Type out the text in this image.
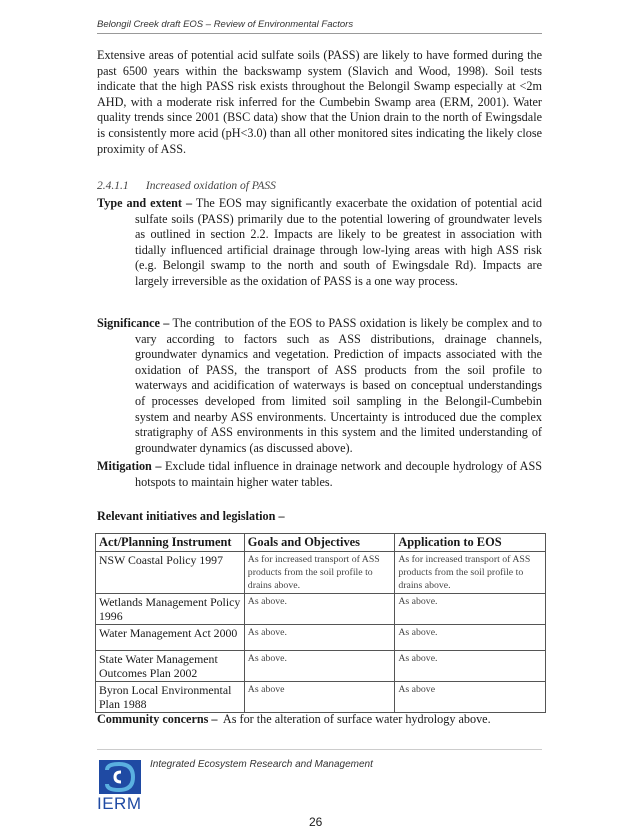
Belongil Creek draft EOS – Review of Environmental Factors
Extensive areas of potential acid sulfate soils (PASS) are likely to have formed during the past 6500 years within the backswamp system (Slavich and Wood, 1998). Soil tests indicate that the high PASS risk exists throughout the Belongil Swamp especially at <2m AHD, with a moderate risk inferred for the Cumbebin Swamp area (ERM, 2001). Water quality trends since 2001 (BSC data) show that the Union drain to the north of Ewingsdale is consistently more acid (pH<3.0) than all other monitored sites indicating the likely close proximity of ASS.
2.4.1.1 Increased oxidation of PASS
Type and extent – The EOS may significantly exacerbate the oxidation of potential acid sulfate soils (PASS) primarily due to the potential lowering of groundwater levels as outlined in section 2.2. Impacts are likely to be greatest in association with tidally influenced artificial drainage through low-lying areas with high ASS risk (e.g. Belongil swamp to the north and south of Ewingsdale Rd). Impacts are largely irreversible as the oxidation of PASS is a one way process.
Significance – The contribution of the EOS to PASS oxidation is likely be complex and to vary according to factors such as ASS distributions, drainage channels, groundwater dynamics and vegetation. Prediction of impacts associated with the oxidation of PASS, the transport of ASS products from the soil profile to waterways and acidification of waterways is based on conceptual understandings of processes developed from limited soil sampling in the Belongil-Cumbebin system and nearby ASS environments. Uncertainty is introduced due the complex stratigraphy of ASS environments in this system and the limited understanding of groundwater dynamics (as discussed above).
Mitigation – Exclude tidal influence in drainage network and decouple hydrology of ASS hotspots to maintain higher water tables.
Relevant initiatives and legislation –
Act/Planning Instrument	Goals and Objectives	Application to EOS
NSW Coastal Policy 1997	As for increased transport of ASS products from the soil profile to drains above.	As for increased transport of ASS products from the soil profile to drains above.
Wetlands Management Policy 1996	As above.	As above.
Water Management Act 2000	As above.	As above.
State Water Management Outcomes Plan 2002	As above.	As above.
Byron Local Environmental Plan 1988	As above	As above
Community concerns –  As for the alteration of surface water hydrology above.
Integrated Ecosystem Research and Management
IERM
26
